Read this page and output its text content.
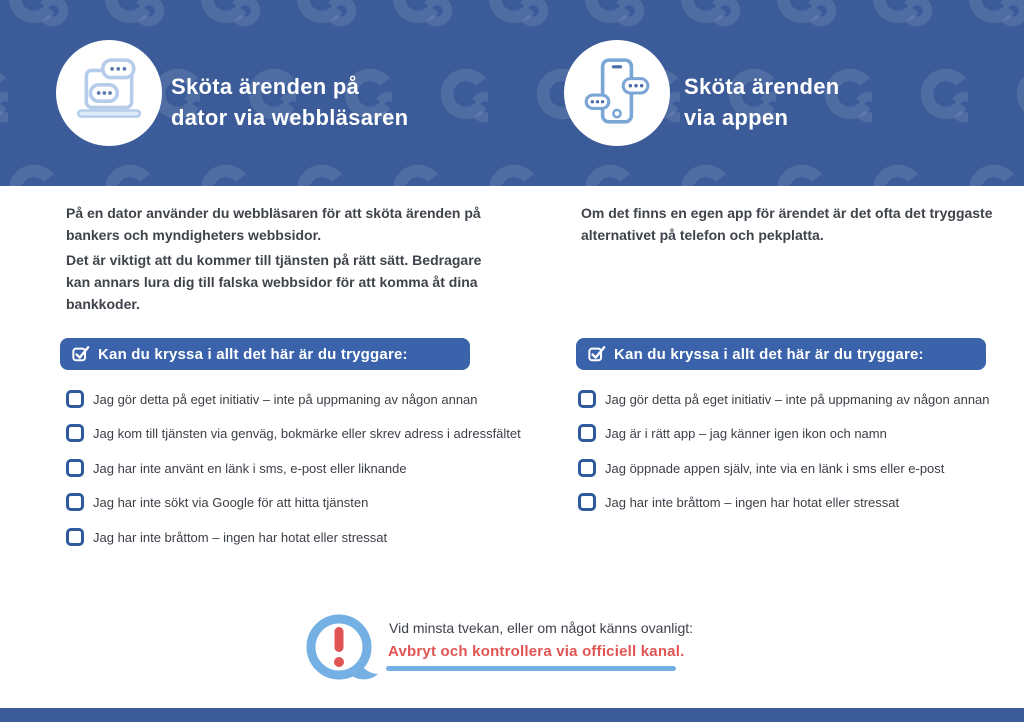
Sköta ärenden på
dator via webbläsaren
Sköta ärenden
via appen
På en dator använder du webbläsaren för att sköta ärenden på
bankers och myndigheters webbsidor.
Det är viktigt att du kommer till tjänsten på rätt sätt. Bedragare
kan annars lura dig till falska webbsidor för att komma åt dina
bankkoder.
Om det finns en egen app för ärendet är det ofta det tryggaste
alternativet på telefon och pekplatta.
Kan du kryssa i allt det här är du tryggare:	Kan du kryssa i allt det här är du tryggare:
Jag gör detta på eget initiativ – inte på uppmaning av någon annan
Jag kom till tjänsten via genväg, bokmärke eller skrev adress i adressfältet
Jag har inte använt en länk i sms, e-post eller liknande
Jag har inte sökt via Google för att hitta tjänsten
Jag har inte bråttom – ingen har hotat eller stressat
Jag gör detta på eget initiativ – inte på uppmaning av någon annan
Jag är i rätt app – jag känner igen ikon och namn
Jag öppnade appen själv, inte via en länk i sms eller e-post
Jag har inte bråttom – ingen har hotat eller stressat
Vid minsta tvekan, eller om något känns ovanligt:
Avbryt och kontrollera via officiell kanal.
